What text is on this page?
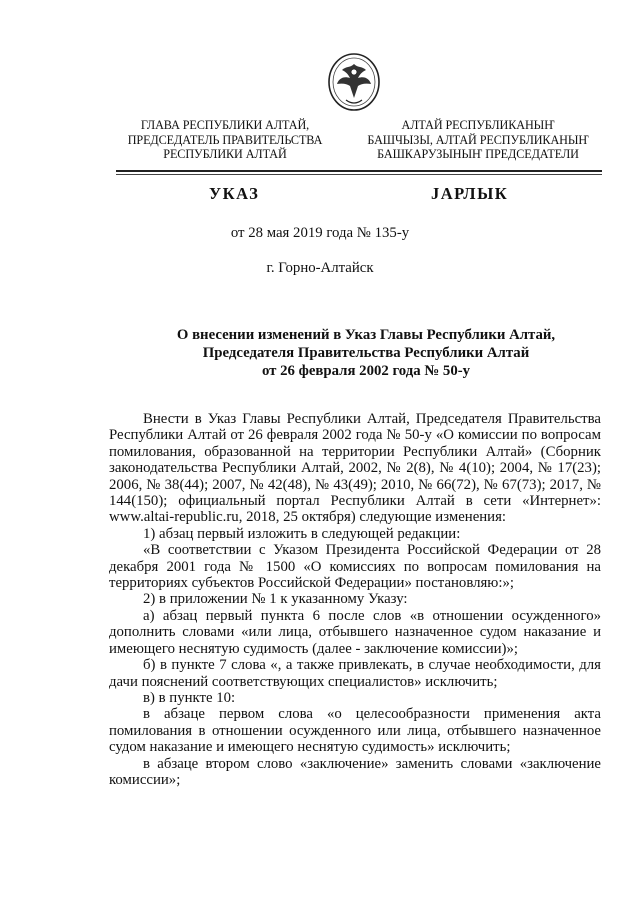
ГЛАВА РЕСПУБЛИКИ АЛТАЙ,
ПРЕДСЕДАТЕЛЬ ПРАВИТЕЛЬСТВА
РЕСПУБЛИКИ АЛТАЙ
АЛТАЙ РЕСПУБЛИКАНЫҤ
БАШЧЫЗЫ, АЛТАЙ РЕСПУБЛИКАНЫҤ
БАШКАРУЗЫНЫҤ ПРЕДСЕДАТЕЛИ
УКАЗ	JАРЛЫК
от 28 мая 2019 года № 135-у
г. Горно-Алтайск
О внесении изменений в Указ Главы Республики Алтай,
Председателя Правительства Республики Алтай
от 26 февраля 2002 года № 50-у

Внести в Указ Главы Республики Алтай, Председателя Правительства Республики Алтай от 26 февраля 2002 года № 50-у «О комиссии по вопросам помилования, образованной на территории Республики Алтай» (Сборник законодательства Республики Алтай, 2002, № 2(8), № 4(10); 2004, № 17(23); 2006, № 38(44); 2007, № 42(48), № 43(49); 2010, № 66(72), № 67(73); 2017, № 144(150); официальный портал Республики Алтай в сети «Интернет»: www.altai-republic.ru, 2018, 25 октября) следующие изменения:

1) абзац первый изложить в следующей редакции:

«В соответствии с Указом Президента Российской Федерации от 28 декабря 2001 года № 1500 «О комиссиях по вопросам помилования на территориях субъектов Российской Федерации» постановляю:»;

2) в приложении № 1 к указанному Указу:

а) абзац первый пункта 6 после слов «в отношении осужденного» дополнить словами «или лица, отбывшего назначенное судом наказание и имеющего неснятую судимость (далее - заключение комиссии)»;

б) в пункте 7 слова «, а также привлекать, в случае необходимости, для дачи пояснений соответствующих специалистов» исключить;

в) в пункте 10:

в абзаце первом слова «о целесообразности применения акта помилования в отношении осужденного или лица, отбывшего назначенное судом наказание и имеющего неснятую судимость» исключить;

в абзаце втором слово «заключение» заменить словами «заключение комиссии»;
